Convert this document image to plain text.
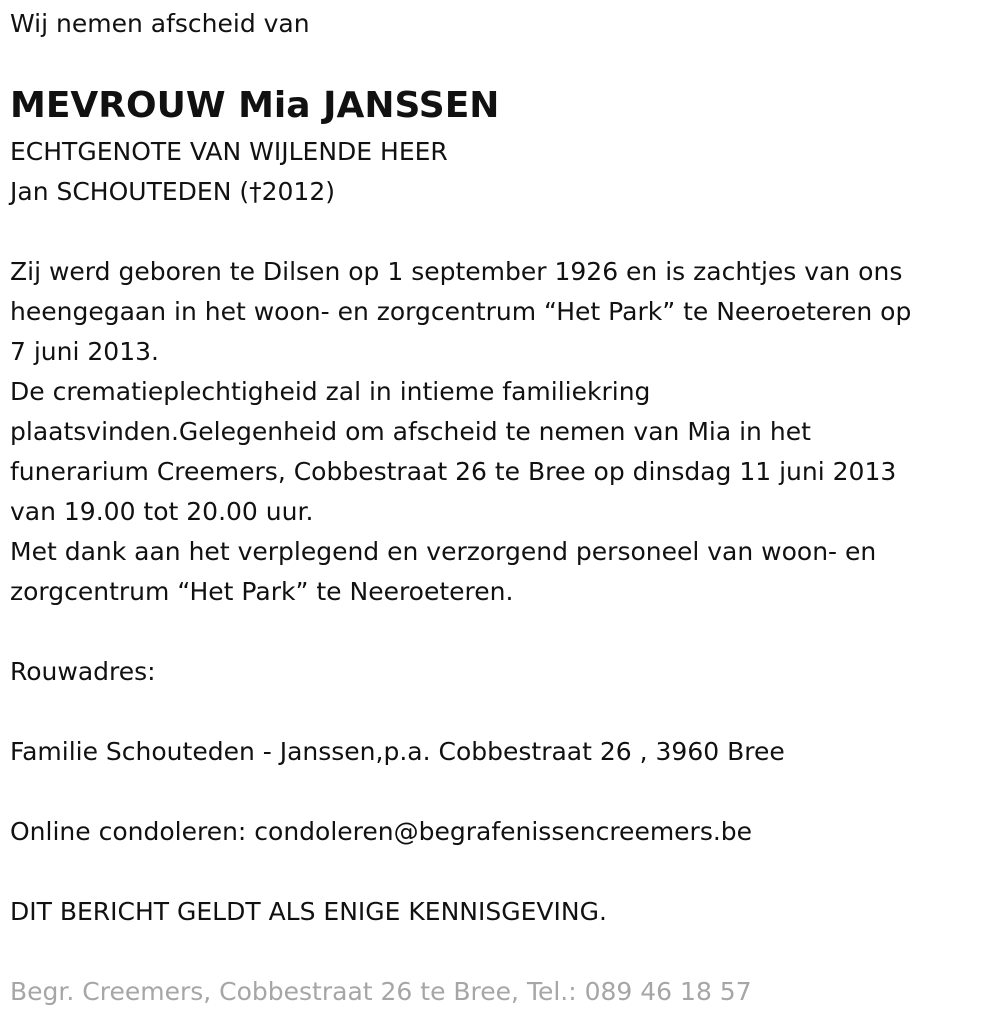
Wij nemen afscheid van
MEVROUW Mia JANSSEN
ECHTGENOTE VAN WIJLENDE HEER
Jan SCHOUTEDEN (†2012)
Zij werd geboren te Dilsen op 1 september 1926 en is zachtjes van ons
heengegaan in het woon- en zorgcentrum “Het Park” te Neeroeteren op
7 juni 2013.
De crematieplechtigheid zal in intieme familiekring
plaatsvinden.Gelegenheid om afscheid te nemen van Mia in het
funerarium Creemers, Cobbestraat 26 te Bree op dinsdag 11 juni 2013
van 19.00 tot 20.00 uur.
Met dank aan het verplegend en verzorgend personeel van woon- en
zorgcentrum “Het Park” te Neeroeteren.
Rouwadres:
Familie Schouteden - Janssen,p.a. Cobbestraat 26 , 3960 Bree
Online condoleren: condoleren@begrafenissencreemers.be
DIT BERICHT GELDT ALS ENIGE KENNISGEVING.
Begr. Creemers, Cobbestraat 26 te Bree, Tel.: 089 46 18 57
